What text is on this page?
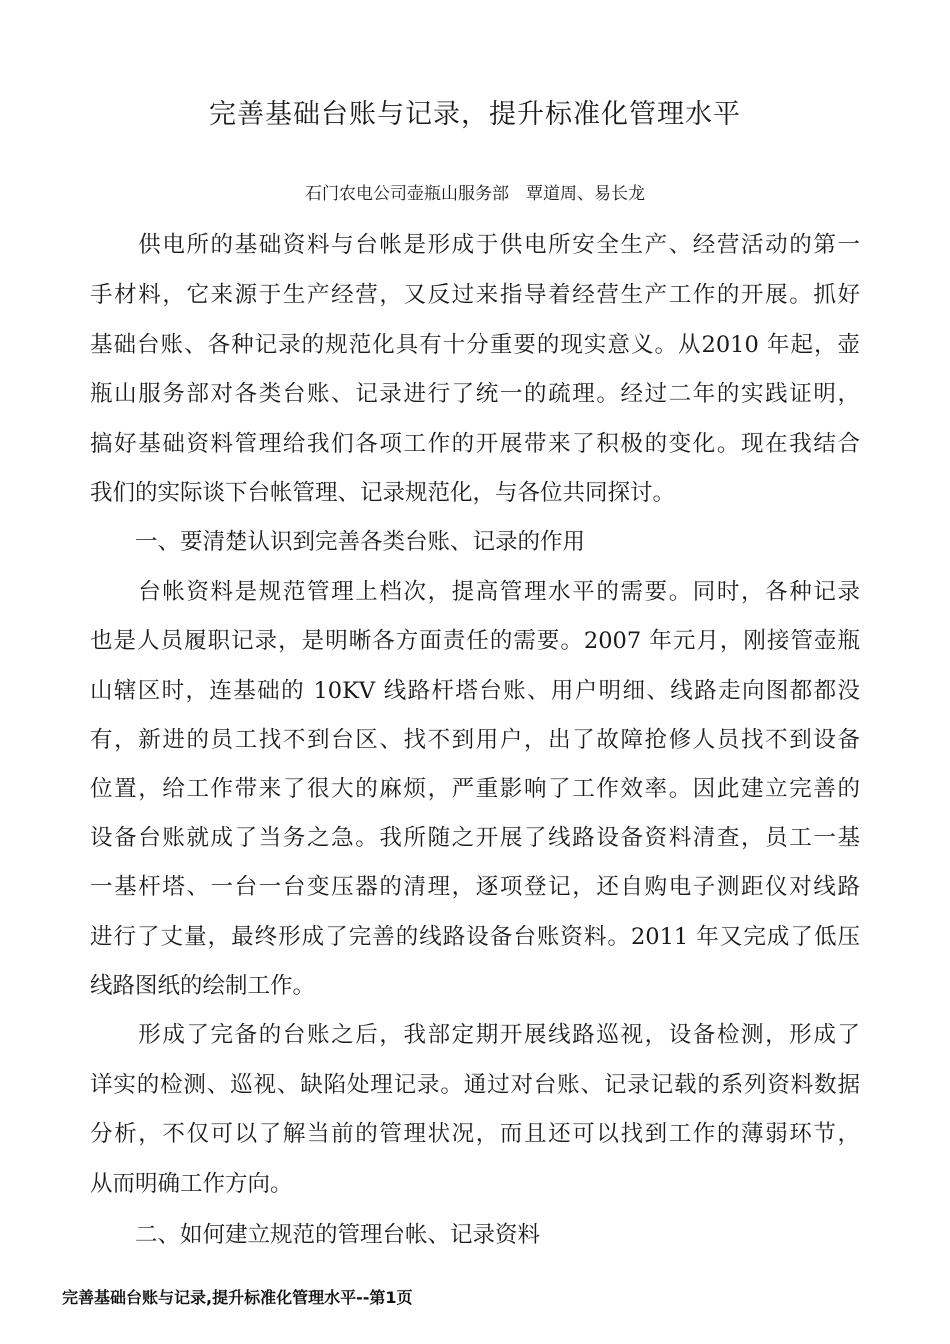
完善基础台账与记录，提升标准化管理水平
石门农电公司壶瓶山服务部　覃道周、易长龙
　　供电所的基础资料与台帐是形成于供电所安全生产、经营活动的第一
手材料，它来源于生产经营，又反过来指导着经营生产工作的开展。抓好
基础台账、各种记录的规范化具有十分重要的现实意义。从2010 年起，壶
瓶山服务部对各类台账、记录进行了统一的疏理。经过二年的实践证明，
搞好基础资料管理给我们各项工作的开展带来了积极的变化。现在我结合
我们的实际谈下台帐管理、记录规范化，与各位共同探讨。
　　一、要清楚认识到完善各类台账、记录的作用
　　台帐资料是规范管理上档次，提高管理水平的需要。同时，各种记录
也是人员履职记录，是明晰各方面责任的需要。2007 年元月，刚接管壶瓶
山辖区时，连基础的 10KV 线路杆塔台账、用户明细、线路走向图都都没
有，新进的员工找不到台区、找不到用户，出了故障抢修人员找不到设备
位置，给工作带来了很大的麻烦，严重影响了工作效率。因此建立完善的
设备台账就成了当务之急。我所随之开展了线路设备资料清查，员工一基
一基杆塔、一台一台变压器的清理，逐项登记，还自购电子测距仪对线路
进行了丈量，最终形成了完善的线路设备台账资料。2011 年又完成了低压
线路图纸的绘制工作。
　　形成了完备的台账之后，我部定期开展线路巡视，设备检测，形成了
详实的检测、巡视、缺陷处理记录。通过对台账、记录记载的系列资料数据
分析，不仅可以了解当前的管理状况，而且还可以找到工作的薄弱环节，
从而明确工作方向。
　　二、如何建立规范的管理台帐、记录资料
完善基础台账与记录,提升标准化管理水平--第1页
